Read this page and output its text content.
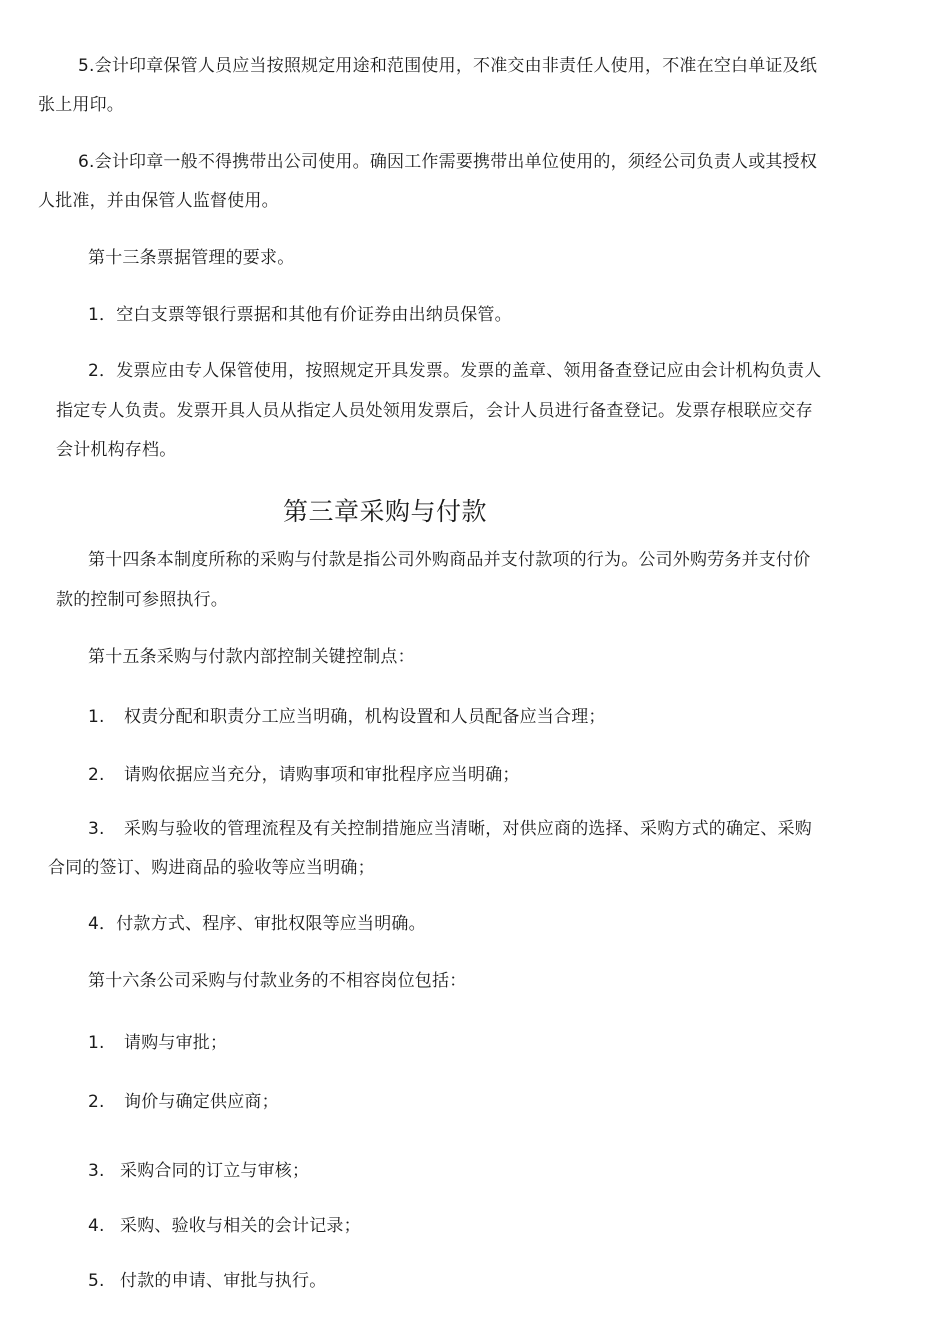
5.会计印章保管人员应当按照规定用途和范围使用，不准交由非责任人使用，不准在空白单证及纸
张上用印。
6.会计印章一般不得携带出公司使用。确因工作需要携带出单位使用的，须经公司负责人或其授权
人批准，并由保管人监督使用。
第十三条票据管理的要求。
1．空白支票等银行票据和其他有价证券由出纳员保管。
2．发票应由专人保管使用，按照规定开具发票。发票的盖章、领用备查登记应由会计机构负责人
指定专人负责。发票开具人员从指定人员处领用发票后，会计人员进行备查登记。发票存根联应交存
会计机构存档。
第三章采购与付款
第十四条本制度所称的采购与付款是指公司外购商品并支付款项的行为。公司外购劳务并支付价
款的控制可参照执行。
第十五条采购与付款内部控制关键控制点：
1. 权责分配和职责分工应当明确，机构设置和人员配备应当合理；
2. 请购依据应当充分，请购事项和审批程序应当明确；
3. 采购与验收的管理流程及有关控制措施应当清晰，对供应商的选择、采购方式的确定、采购
合同的签订、购进商品的验收等应当明确；
4．付款方式、程序、审批权限等应当明确。
第十六条公司采购与付款业务的不相容岗位包括：
1. 请购与审批；
2. 询价与确定供应商；
3. 采购合同的订立与审核；
4. 采购、验收与相关的会计记录；
5. 付款的申请、审批与执行。
